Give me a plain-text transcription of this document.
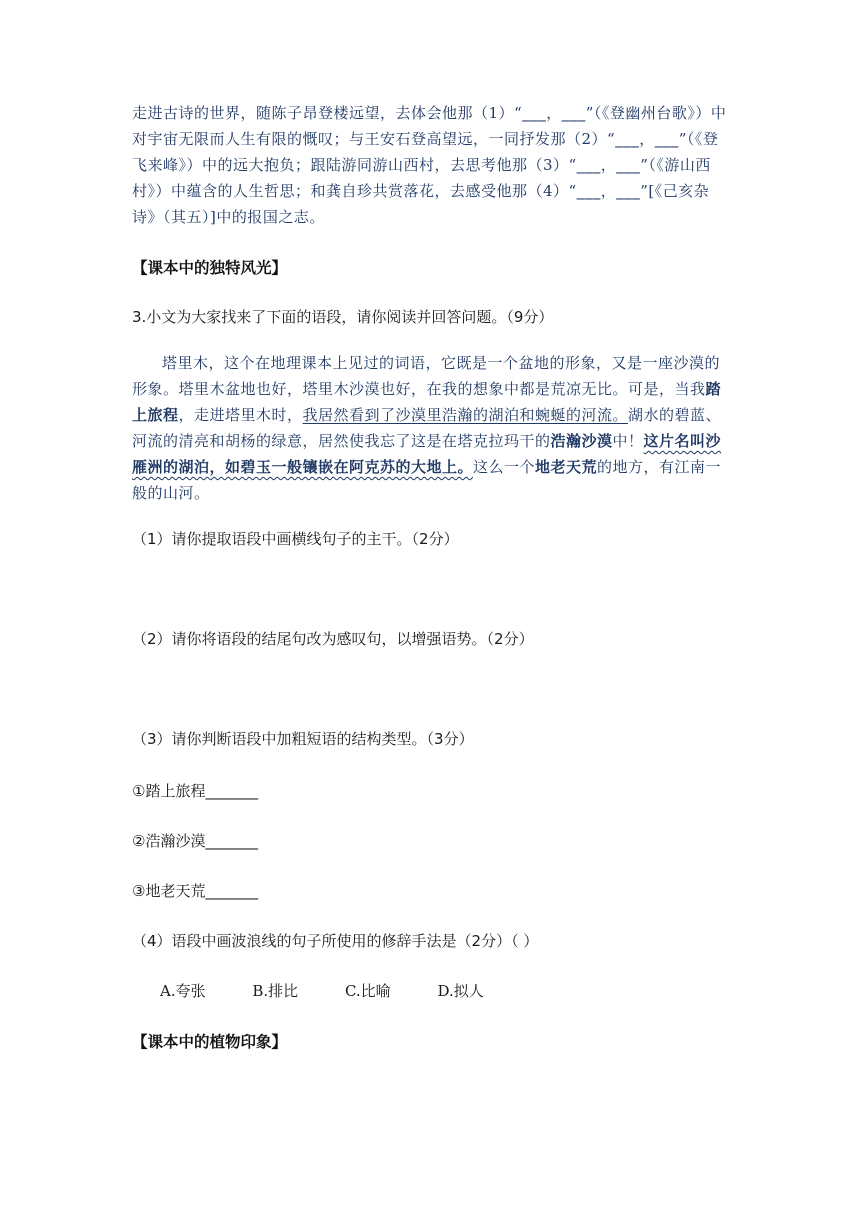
走进古诗的世界，随陈子昂登楼远望，去体会他那（1）“___，___”（《登幽州台歌》）中对宇宙无限而人生有限的慨叹；与王安石登高望远，一同抒发那（2）“___，___”（《登飞来峰》）中的远大抱负；跟陆游同游山西村，去思考他那（3）“___，___”（《游山西村》）中蕴含的人生哲思；和龚自珍共赏落花，去感受他那（4）“___，___”[《己亥杂诗》（其五）]中的报国之志。
【课本中的独特风光】
3.小文为大家找来了下面的语段，请你阅读并回答问题。（9分）
塔里木，这个在地理课本上见过的词语，它既是一个盆地的形象，又是一座沙漠的形象。塔里木盆地也好，塔里木沙漠也好，在我的想象中都是荒凉无比。可是，当我踏上旅程，走进塔里木时，我居然看到了沙漠里浩瀚的湖泊和蜿蜒的河流。湖水的碧蓝、河流的清亮和胡杨的绿意，居然使我忘了这是在塔克拉玛干的浩瀚沙漠中！这片名叫沙雁洲的湖泊，如碧玉一般镶嵌在阿克苏的大地上。这么一个地老天荒的地方，有江南一般的山河。
（1）请你提取语段中画横线句子的主干。（2分）
（2）请你将语段的结尾句改为感叹句，以增强语势。（2分）
（3）请你判断语段中加粗短语的结构类型。（3分）
①踏上旅程_______
②浩瀚沙漠_______
③地老天荒_______
（4）语段中画波浪线的句子所使用的修辞手法是（2分）（ ）
A.夸张	B.排比	C.比喻	D.拟人
【课本中的植物印象】
